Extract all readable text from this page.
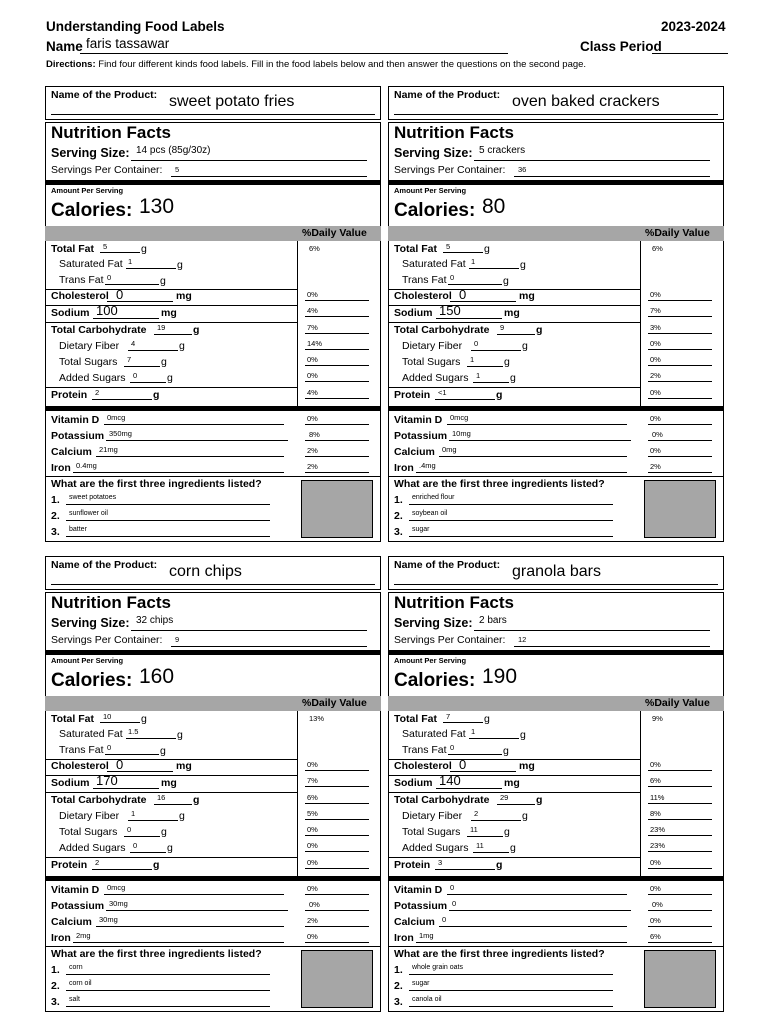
Understanding Food Labels	2023-2024
Name faris tassawar	Class Period
Directions: Find four different kinds food labels. Fill in the food labels below and then answer the questions on the second page.
Name of the Product: sweet potato fries
Nutrition Facts
Serving Size: 14 pcs (85g/30z)
Servings Per Container: 5
Amount Per Serving
Calories: 130
%Daily Value
Total Fat 5	g	6%
Saturated Fat 1	g
Trans Fat 0	g
Cholesterol 0	mg	0%
Sodium 100	mg	4%
Total Carbohydrate 19	g	7%
Dietary Fiber 4	g	14%
Total Sugars 7	g	0%
Added Sugars 0	g	0%
Protein 2	g	4%
Vitamin D 0mcg	0%
Potassium 350mg	8%
Calcium 21mg	2%
Iron 0.4mg	2%
What are the first three ingredients listed?
1. sweet potatoes
2. sunflower oil
3. batter
Name of the Product: oven baked crackers
Nutrition Facts
Serving Size: 5 crackers
Servings Per Container: 36
Amount Per Serving
Calories: 80
%Daily Value
Total Fat 5	g	6%
Saturated Fat 1	g
Trans Fat 0	g
Cholesterol 0	mg	0%
Sodium 150	mg	7%
Total Carbohydrate 9	g	3%
Dietary Fiber 0	g	0%
Total Sugars 1	g	0%
Added Sugars 1	g	2%
Protein <1	g	0%
Vitamin D 0mcg	0%
Potassium 10mg	0%
Calcium 0mg	0%
Iron .4mg	2%
What are the first three ingredients listed?
1. enriched flour
2. soybean oil
3. sugar
Name of the Product: corn chips
Nutrition Facts
Serving Size: 32 chips
Servings Per Container: 9
Amount Per Serving
Calories: 160
%Daily Value
Total Fat 10	g	13%
Saturated Fat 1.5	g
Trans Fat 0	g
Cholesterol 0	mg	0%
Sodium 170	mg	7%
Total Carbohydrate 16	g	6%
Dietary Fiber 1	g	5%
Total Sugars 0	g	0%
Added Sugars 0	g	0%
Protein 2	g	0%
Vitamin D 0mcg	0%
Potassium 30mg	0%
Calcium 30mg	2%
Iron 2mg	0%
What are the first three ingredients listed?
1. corn
2. corn oil
3. salt
Name of the Product: granola bars
Nutrition Facts
Serving Size: 2 bars
Servings Per Container: 12
Amount Per Serving
Calories: 190
%Daily Value
Total Fat 7	g	9%
Saturated Fat 1	g
Trans Fat 0	g
Cholesterol 0	mg	0%
Sodium 140	mg	6%
Total Carbohydrate 29	g	11%
Dietary Fiber 2	g	8%
Total Sugars 11 g	23%
Added Sugars 11 g	23%
Protein 3	g	0%
Vitamin D 0	0%
Potassium 0	0%
Calcium 0	0%
Iron 1mg	6%
What are the first three ingredients listed?
1. whole grain oats
2. sugar
3. canola oil
